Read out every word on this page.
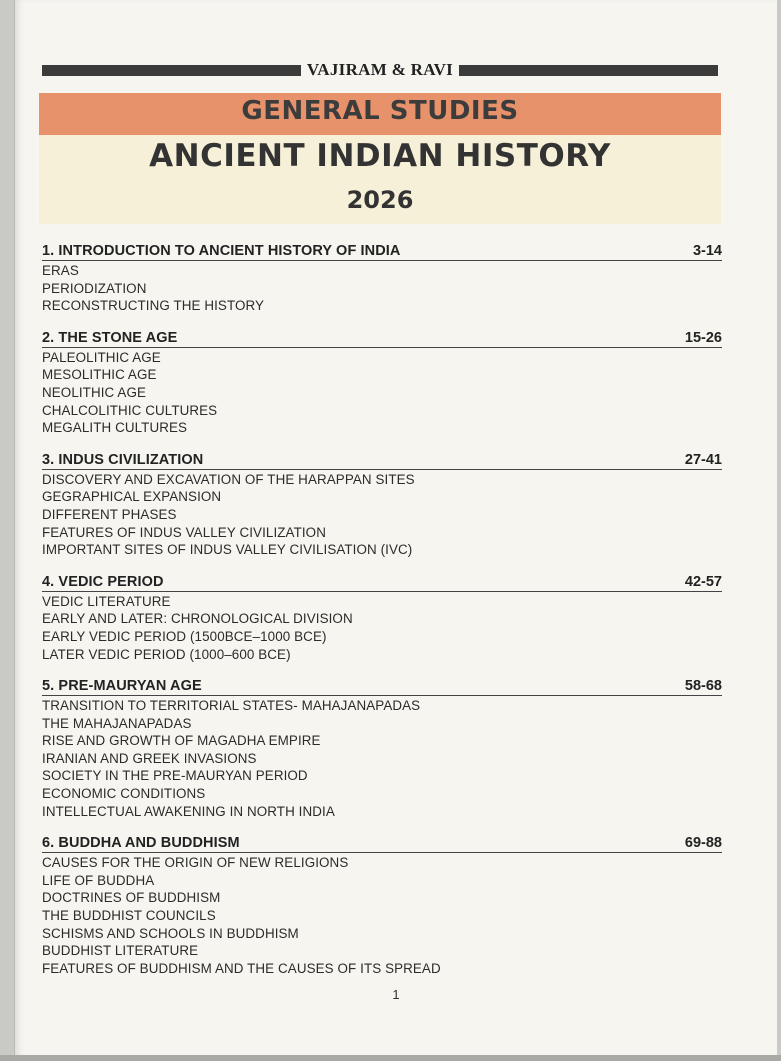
VAJIRAM & RAVI
GENERAL STUDIES
ANCIENT INDIAN HISTORY
2026
1. INTRODUCTION TO ANCIENT HISTORY OF INDIA	3-14
ERAS
PERIODIZATION
RECONSTRUCTING THE HISTORY
2. THE STONE AGE	15-26
PALEOLITHIC AGE
MESOLITHIC AGE
NEOLITHIC AGE
CHALCOLITHIC CULTURES
MEGALITH CULTURES
3. INDUS CIVILIZATION	27-41
DISCOVERY AND EXCAVATION OF THE HARAPPAN SITES
GEGRAPHICAL EXPANSION
DIFFERENT PHASES
FEATURES OF INDUS VALLEY CIVILIZATION
IMPORTANT SITES OF INDUS VALLEY CIVILISATION (IVC)
4. VEDIC PERIOD	42-57
VEDIC LITERATURE
EARLY AND LATER: CHRONOLOGICAL DIVISION
EARLY VEDIC PERIOD (1500BCE–1000 BCE)
LATER VEDIC PERIOD (1000–600 BCE)
5. PRE-MAURYAN AGE	58-68
TRANSITION TO TERRITORIAL STATES- MAHAJANAPADAS
THE MAHAJANAPADAS
RISE AND GROWTH OF MAGADHA EMPIRE
IRANIAN AND GREEK INVASIONS
SOCIETY IN THE PRE-MAURYAN PERIOD
ECONOMIC CONDITIONS
INTELLECTUAL AWAKENING IN NORTH INDIA
6. BUDDHA AND BUDDHISM	69-88
CAUSES FOR THE ORIGIN OF NEW RELIGIONS
LIFE OF BUDDHA
DOCTRINES OF BUDDHISM
THE BUDDHIST COUNCILS
SCHISMS AND SCHOOLS IN BUDDHISM
BUDDHIST LITERATURE
FEATURES OF BUDDHISM AND THE CAUSES OF ITS SPREAD
1
